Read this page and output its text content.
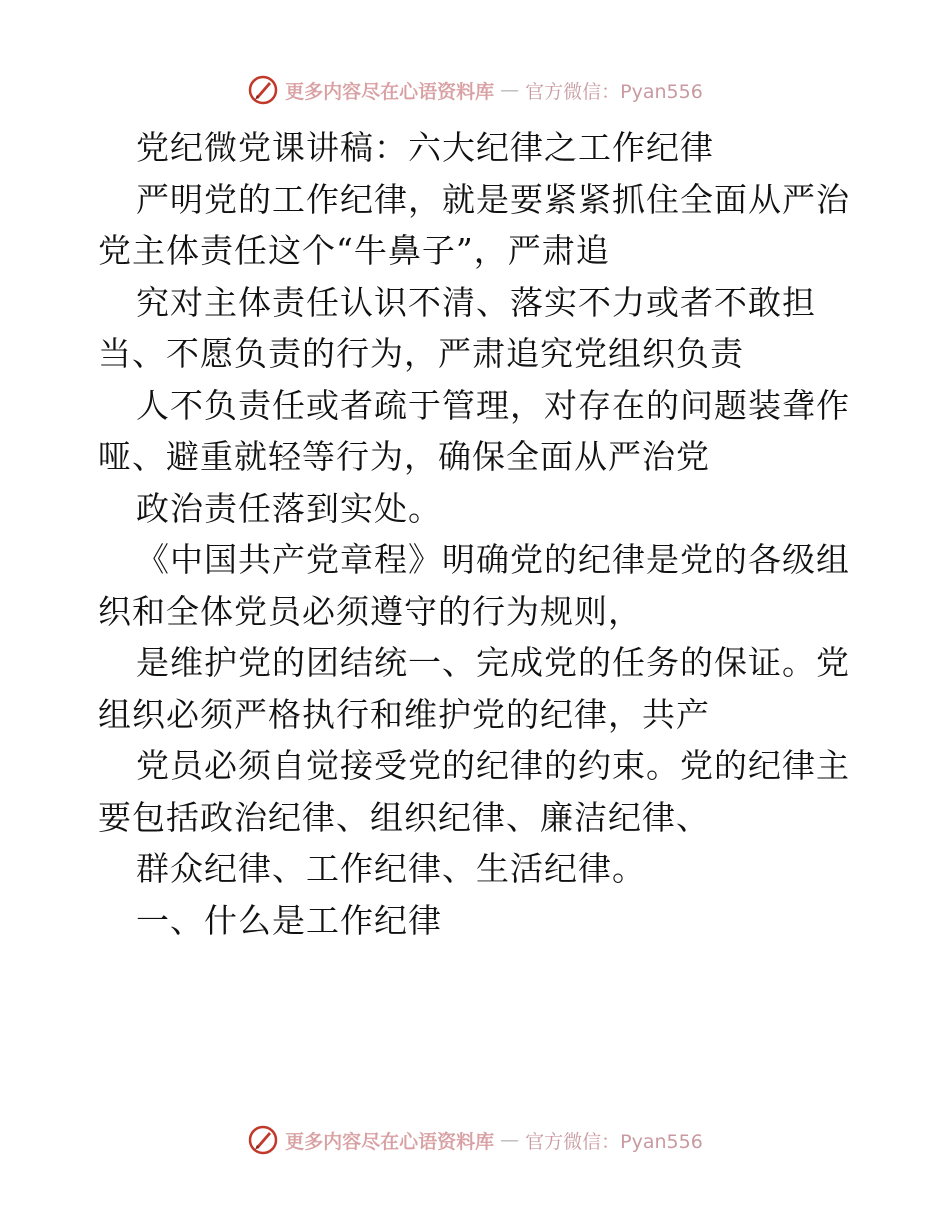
更多内容尽在心语资料库 — 官方微信：Pyan556
党纪微党课讲稿：六大纪律之工作纪律
严明党的工作纪律，就是要紧紧抓住全面从严治
党主体责任这个“牛鼻子”，严肃追
究对主体责任认识不清、落实不力或者不敢担
当、不愿负责的行为，严肃追究党组织负责
人不负责任或者疏于管理，对存在的问题装聋作
哑、避重就轻等行为，确保全面从严治党
政治责任落到实处。
《中国共产党章程》明确党的纪律是党的各级组
织和全体党员必须遵守的行为规则，
是维护党的团结统一、完成党的任务的保证。党
组织必须严格执行和维护党的纪律，共产
党员必须自觉接受党的纪律的约束。党的纪律主
要包括政治纪律、组织纪律、廉洁纪律、
群众纪律、工作纪律、生活纪律。
一、什么是工作纪律
更多内容尽在心语资料库 — 官方微信：Pyan556
